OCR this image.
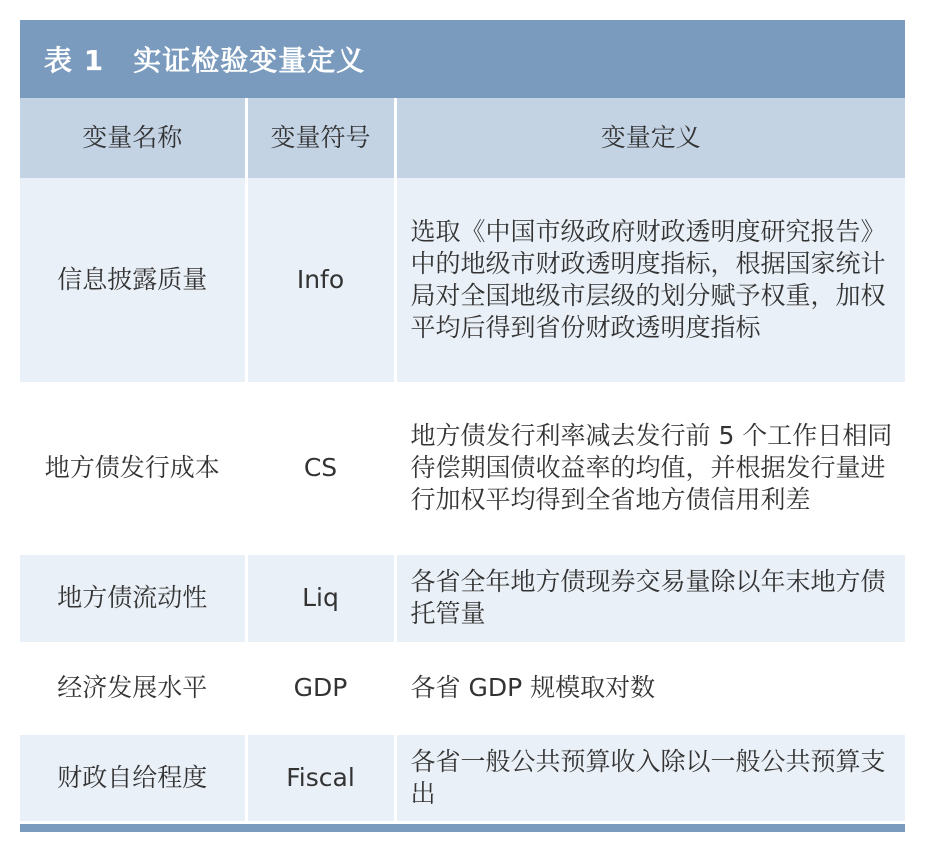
表 1　实证检验变量定义
变量名称	变量符号	变量定义
信息披露质量	Info	选取《中国市级政府财政透明度研究报告》中的地级市财政透明度指标，根据国家统计局对全国地级市层级的划分赋予权重，加权平均后得到省份财政透明度指标
地方债发行成本	CS	地方债发行利率减去发行前 5 个工作日相同待偿期国债收益率的均值，并根据发行量进行加权平均得到全省地方债信用利差
地方债流动性	Liq	各省全年地方债现券交易量除以年末地方债托管量
经济发展水平	GDP	各省 GDP 规模取对数
财政自给程度	Fiscal	各省一般公共预算收入除以一般公共预算支出
